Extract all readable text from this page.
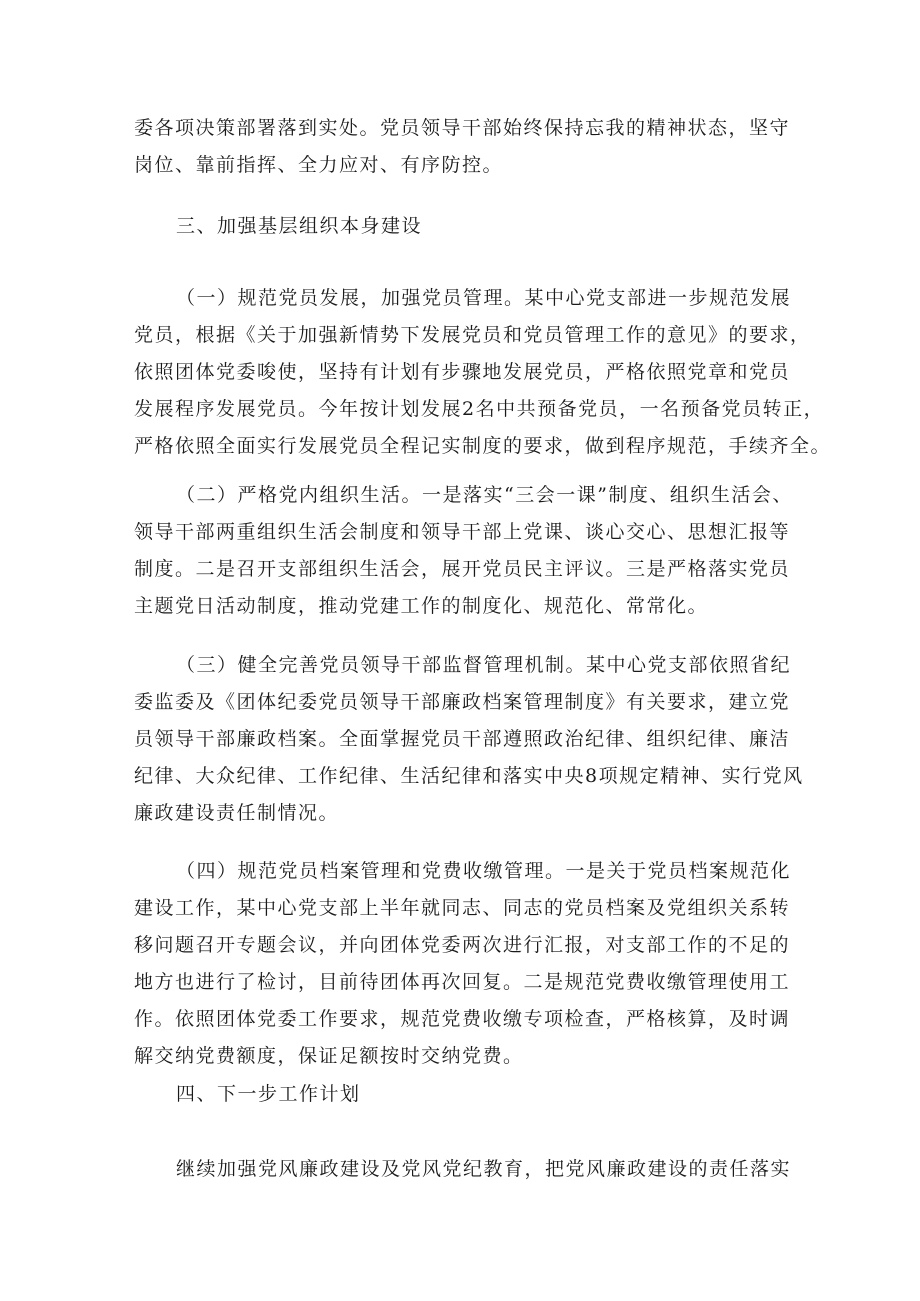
委各项决策部署落到实处。党员领导干部始终保持忘我的精神状态，坚守
岗位、靠前指挥、全力应对、有序防控。
三、加强基层组织本身建设
（一）规范党员发展，加强党员管理。某中心党支部进一步规范发展
党员，根据《关于加强新情势下发展党员和党员管理工作的意见》的要求，
依照团体党委唆使，坚持有计划有步骤地发展党员，严格依照党章和党员
发展程序发展党员。今年按计划发展2名中共预备党员，一名预备党员转正，
严格依照全面实行发展党员全程记实制度的要求，做到程序规范，手续齐全。
（二）严格党内组织生活。一是落实“三会一课”制度、组织生活会、
领导干部两重组织生活会制度和领导干部上党课、谈心交心、思想汇报等
制度。二是召开支部组织生活会，展开党员民主评议。三是严格落实党员
主题党日活动制度，推动党建工作的制度化、规范化、常常化。
（三）健全完善党员领导干部监督管理机制。某中心党支部依照省纪
委监委及《团体纪委党员领导干部廉政档案管理制度》有关要求，建立党
员领导干部廉政档案。全面掌握党员干部遵照政治纪律、组织纪律、廉洁
纪律、大众纪律、工作纪律、生活纪律和落实中央8项规定精神、实行党风
廉政建设责任制情况。
（四）规范党员档案管理和党费收缴管理。一是关于党员档案规范化
建设工作，某中心党支部上半年就同志、同志的党员档案及党组织关系转
移问题召开专题会议，并向团体党委两次进行汇报，对支部工作的不足的
地方也进行了检讨，目前待团体再次回复。二是规范党费收缴管理使用工
作。依照团体党委工作要求，规范党费收缴专项检查，严格核算，及时调
解交纳党费额度，保证足额按时交纳党费。
四、下一步工作计划
继续加强党风廉政建设及党风党纪教育，把党风廉政建设的责任落实
